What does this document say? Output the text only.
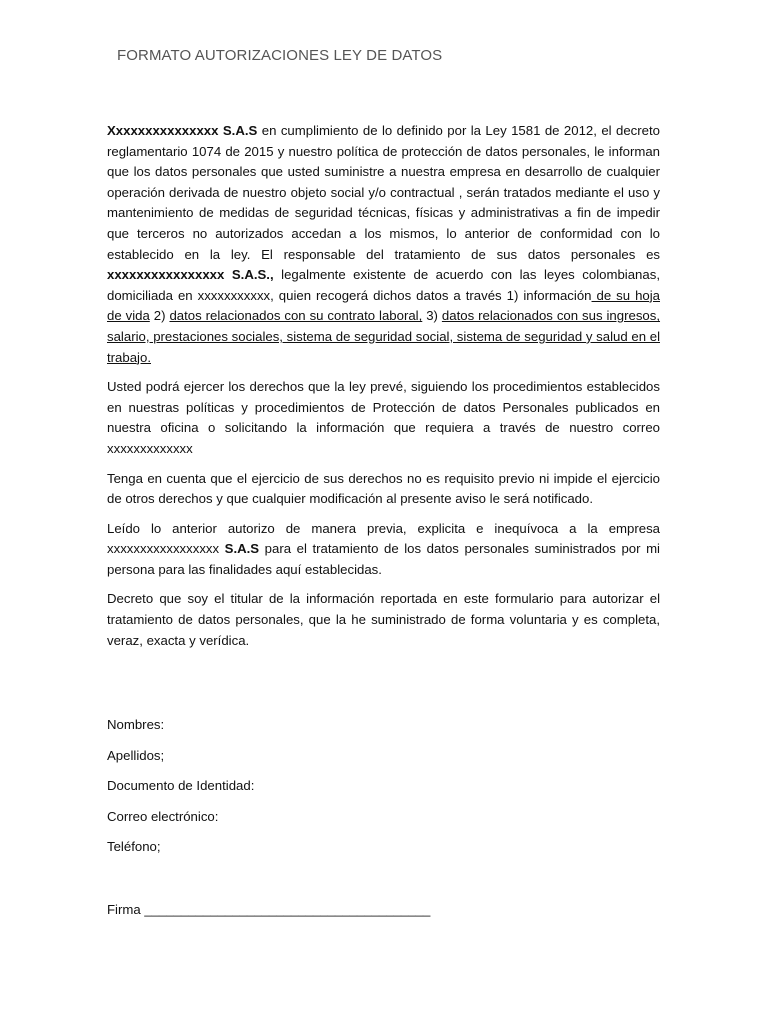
FORMATO AUTORIZACIONES LEY DE DATOS

Xxxxxxxxxxxxxxx S.A.S en cumplimiento de lo definido por la Ley 1581 de 2012, el decreto reglamentario 1074 de 2015 y nuestro política de protección de datos personales, le informan que los datos personales que usted suministre a nuestra empresa en desarrollo de cualquier operación derivada de nuestro objeto social y/o contractual , serán tratados mediante el uso y mantenimiento de medidas de seguridad técnicas, físicas y administrativas a fin de impedir que terceros no autorizados accedan a los mismos, lo anterior de conformidad con lo establecido en la ley. El responsable del tratamiento de sus datos personales es xxxxxxxxxxxxxxxx S.A.S., legalmente existente de acuerdo con las leyes colombianas, domiciliada en xxxxxxxxxxx, quien recogerá dichos datos a través 1) información de su hoja de vida 2) datos relacionados con su contrato laboral, 3) datos relacionados con sus ingresos, salario, prestaciones sociales, sistema de seguridad social, sistema de seguridad y salud en el trabajo.

Usted podrá ejercer los derechos que la ley prevé, siguiendo los procedimientos establecidos en nuestras políticas y procedimientos de Protección de datos Personales publicados en nuestra oficina o solicitando la información que requiera a través de nuestro correo xxxxxxxxxxxxx

Tenga en cuenta que el ejercicio de sus derechos no es requisito previo ni impide el ejercicio de otros derechos y que cualquier modificación al presente aviso le será notificado.

Leído lo anterior autorizo de manera previa, explicita e inequívoca a la empresa xxxxxxxxxxxxxxxxx S.A.S para el tratamiento de los datos personales suministrados por mi persona para las finalidades aquí establecidas.

Decreto que soy el titular de la información reportada en este formulario para autorizar el tratamiento de datos personales, que la he suministrado de forma voluntaria y es completa, veraz, exacta y verídica.

Nombres:
Apellidos;
Documento de Identidad:
Correo electrónico:
Teléfono;
Firma _______________________________________
